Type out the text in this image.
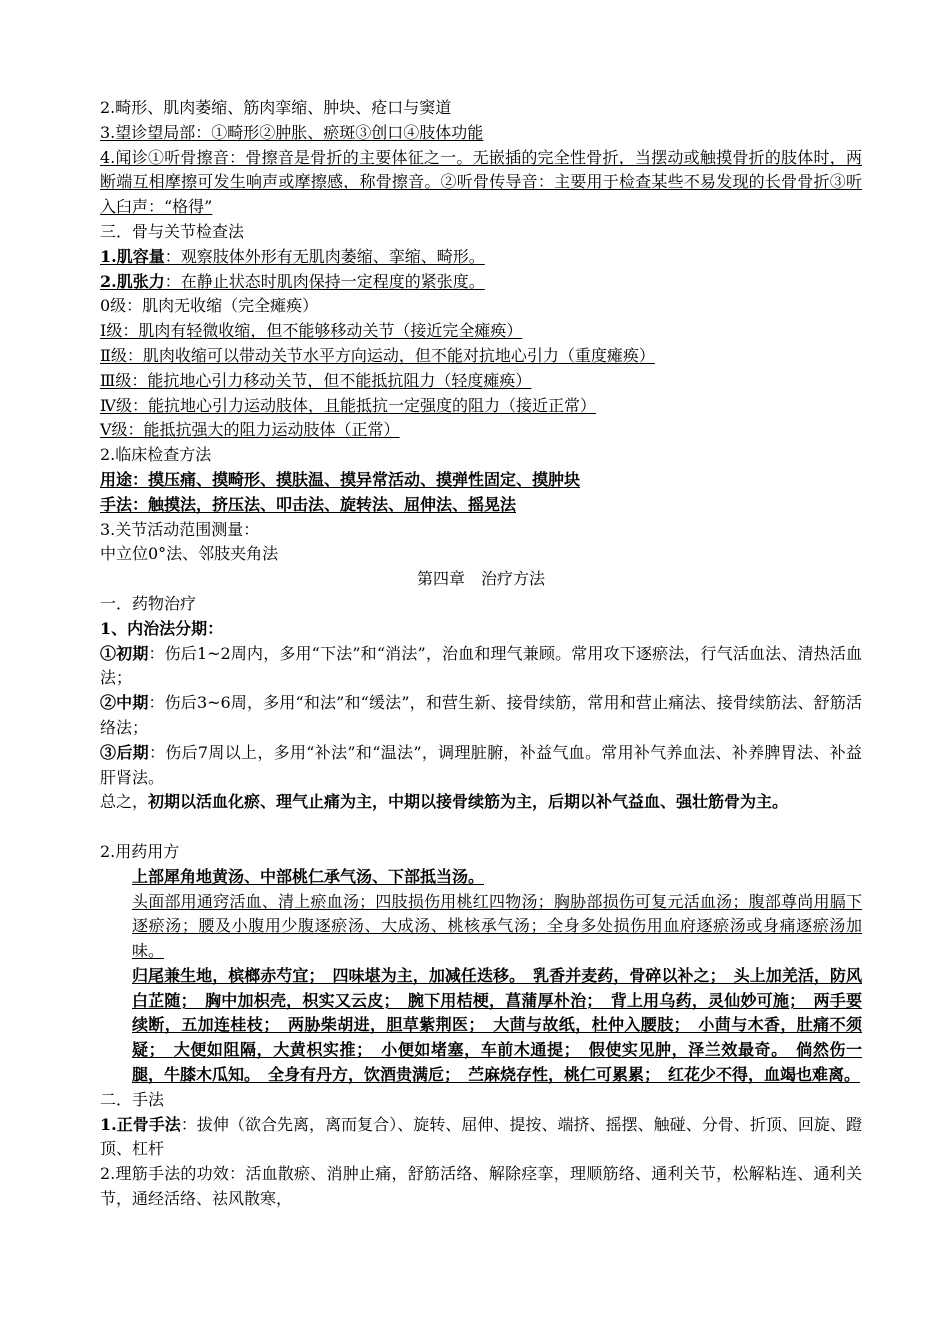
2.畸形、肌肉萎缩、筋肉挛缩、肿块、疮口与窦道
3.望诊望局部：①畸形②肿胀、瘀斑③创口④肢体功能
4.闻诊①听骨擦音：骨擦音是骨折的主要体征之一。无嵌插的完全性骨折，当摆动或触摸骨折的肢体时，两断端互相摩擦可发生响声或摩擦感，称骨擦音。②听骨传导音：主要用于检查某些不易发现的长骨骨折③听入臼声：“格得”
三．骨与关节检查法
1.肌容量：观察肢体外形有无肌肉萎缩、挛缩、畸形。
2.肌张力：在静止状态时肌肉保持一定程度的紧张度。
0级：肌肉无收缩（完全瘫痪）
Ⅰ级：肌肉有轻微收缩，但不能够移动关节（接近完全瘫痪）
Ⅱ级：肌肉收缩可以带动关节水平方向运动，但不能对抗地心引力（重度瘫痪）
Ⅲ级：能抗地心引力移动关节，但不能抵抗阻力（轻度瘫痪）
Ⅳ级：能抗地心引力运动肢体，且能抵抗一定强度的阻力（接近正常）
Ⅴ级：能抵抗强大的阻力运动肢体（正常）
2.临床检查方法
用途：摸压痛、摸畸形、摸肤温、摸异常活动、摸弹性固定、摸肿块
手法：触摸法，挤压法、叩击法、旋转法、屈伸法、摇晃法
3.关节活动范围测量：
中立位0°法、邻肢夹角法
第四章　治疗方法
一．药物治疗
1、内治法分期：
①初期：伤后1~2周内，多用“下法”和“消法”，治血和理气兼顾。常用攻下逐瘀法，行气活血法、清热活血法；
②中期：伤后3~6周，多用“和法”和“缓法”，和营生新、接骨续筋，常用和营止痛法、接骨续筋法、舒筋活络法；
③后期：伤后7周以上，多用“补法”和“温法”，调理脏腑，补益气血。常用补气养血法、补养脾胃法、补益肝肾法。
总之，初期以活血化瘀、理气止痛为主，中期以接骨续筋为主，后期以补气益血、强壮筋骨为主。
2.用药用方
上部犀角地黄汤、中部桃仁承气汤、下部抵当汤。
头面部用通窍活血、清上瘀血汤；四肢损伤用桃红四物汤；胸胁部损伤可复元活血汤；腹部尊尚用膈下逐瘀汤；腰及小腹用少腹逐瘀汤、大成汤、桃核承气汤；全身多处损伤用血府逐瘀汤或身痛逐瘀汤加味。
归尾兼生地，槟榔赤芍宜；　四味堪为主，加减任迭移。　乳香并麦药，骨碎以补之；　头上加羌活，防风白芷随；　胸中加枳壳，枳实又云皮；　腕下用桔梗，菖蒲厚朴治；　背上用乌药，灵仙妙可施；　两手要续断，五加连桂枝；　两胁柴胡进，胆草紫荆医；　大茴与故纸，杜仲入腰肢；　小茴与木香，肚痛不须疑；　大便如阻隔，大黄枳实推；　小便如堵塞，车前木通提；　假使实见肿，泽兰效最奇。　倘然伤一腿，牛膝木瓜知。　全身有丹方，饮酒贵满卮；　苎麻烧存性，桃仁可累累；　红花少不得，血竭也难离。
二．手法
1.正骨手法：拔伸（欲合先离，离而复合）、旋转、屈伸、提按、端挤、摇摆、触碰、分骨、折顶、回旋、蹬顶、杠杆
2.理筋手法的功效：活血散瘀、消肿止痛，舒筋活络、解除痉挛，理顺筋络、通利关节，松解粘连、通利关节，通经活络、祛风散寒，
